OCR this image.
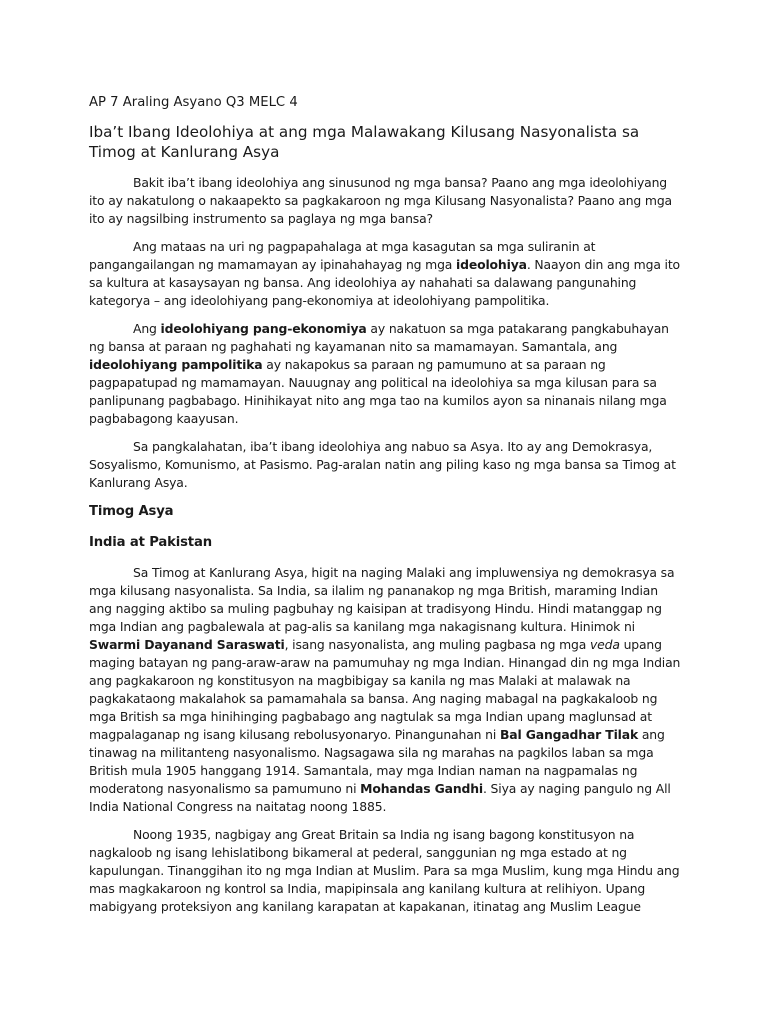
AP 7 Araling Asyano Q3 MELC 4
Iba’t Ibang Ideolohiya at ang mga Malawakang Kilusang Nasyonalista sa
Timog at Kanlurang Asya

Bakit iba’t ibang ideolohiya ang sinusunod ng mga bansa? Paano ang mga ideolohiyang ito ay nakatulong o nakaapekto sa pagkakaroon ng mga Kilusang Nasyonalista? Paano ang mga ito ay nagsilbing instrumento sa paglaya ng mga bansa?

Ang mataas na uri ng pagpapahalaga at mga kasagutan sa mga suliranin at pangangailangan ng mamamayan ay ipinahahayag ng mga ideolohiya. Naayon din ang mga ito sa kultura at kasaysayan ng bansa. Ang ideolohiya ay nahahati sa dalawang pangunahing kategorya – ang ideolohiyang pang-ekonomiya at ideolohiyang pampolitika.

Ang ideolohiyang pang-ekonomiya ay nakatuon sa mga patakarang pangkabuhayan ng bansa at paraan ng paghahati ng kayamanan nito sa mamamayan. Samantala, ang ideolohiyang pampolitika ay nakapokus sa paraan ng pamumuno at sa paraan ng pagpapatupad ng mamamayan. Nauugnay ang political na ideolohiya sa mga kilusan para sa panlipunang pagbabago. Hinihikayat nito ang mga tao na kumilos ayon sa ninanais nilang mga pagbabagong kaayusan.

Sa pangkalahatan, iba’t ibang ideolohiya ang nabuo sa Asya. Ito ay ang Demokrasya, Sosyalismo, Komunismo, at Pasismo. Pag-aralan natin ang piling kaso ng mga bansa sa Timog at Kanlurang Asya.

Timog Asya
India at Pakistan

Sa Timog at Kanlurang Asya, higit na naging Malaki ang impluwensiya ng demokrasya sa mga kilusang nasyonalista. Sa India, sa ilalim ng pananakop ng mga British, maraming Indian ang nagging aktibo sa muling pagbuhay ng kaisipan at tradisyong Hindu. Hindi matanggap ng mga Indian ang pagbalewala at pag-alis sa kanilang mga nakagisnang kultura. Hinimok ni Swarmi Dayanand Saraswati, isang nasyonalista, ang muling pagbasa ng mga veda upang maging batayan ng pang-araw-araw na pamumuhay ng mga Indian. Hinangad din ng mga Indian ang pagkakaroon ng konstitusyon na magbibigay sa kanila ng mas Malaki at malawak na pagkakataong makalahok sa pamamahala sa bansa. Ang naging mabagal na pagkakaloob ng mga British sa mga hinihinging pagbabago ang nagtulak sa mga Indian upang maglunsad at magpalaganap ng isang kilusang rebolusyonaryo. Pinangunahan ni Bal Gangadhar Tilak ang tinawag na militanteng nasyonalismo. Nagsagawa sila ng marahas na pagkilos laban sa mga British mula 1905 hanggang 1914. Samantala, may mga Indian naman na nagpamalas ng moderatong nasyonalismo sa pamumuno ni Mohandas Gandhi. Siya ay naging pangulo ng All India National Congress na naitatag noong 1885.

Noong 1935, nagbigay ang Great Britain sa India ng isang bagong konstitusyon na nagkaloob ng isang lehislatibong bikameral at pederal, sanggunian ng mga estado at ng kapulungan. Tinanggihan ito ng mga Indian at Muslim. Para sa mga Muslim, kung mga Hindu ang mas magkakaroon ng kontrol sa India, mapipinsala ang kanilang kultura at relihiyon. Upang mabigyang proteksiyon ang kanilang karapatan at kapakanan, itinatag ang Muslim League
